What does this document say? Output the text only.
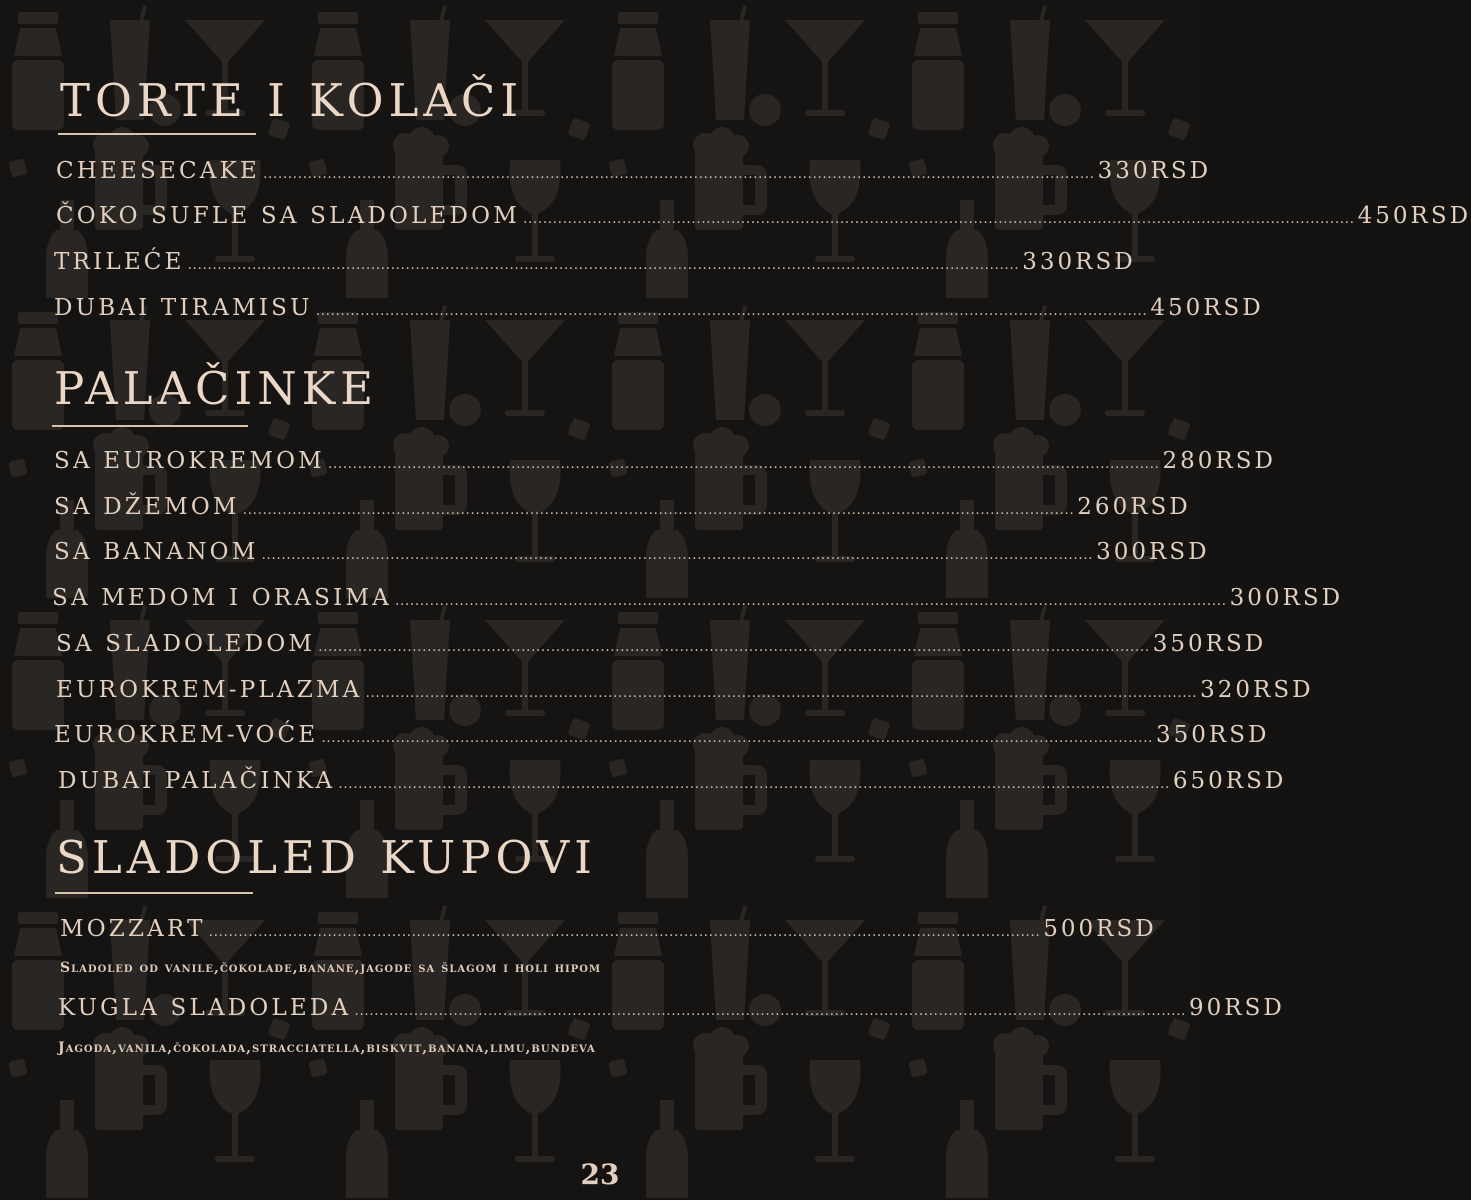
TORTE I KOLAČI
CHEESECAKE ........................................................................................................................................................................ 330RSD
ČOKO SUFLE SA SLADOLEDOM ........................................................................................................................................................................ 450RSD
TRILEĆE ........................................................................................................................................................................ 330RSD
DUBAI TIRAMISU ........................................................................................................................................................................ 450RSD
PALAČINKE
SA EUROKREMOM ........................................................................................................................................................................ 280RSD
SA DŽEMOM ........................................................................................................................................................................ 260RSD
SA BANANOM ........................................................................................................................................................................ 300RSD
SA MEDOM I ORASIMA ........................................................................................................................................................................ 300RSD
SA SLADOLEDOM ........................................................................................................................................................................ 350RSD
EUROKREM-PLAZMA ........................................................................................................................................................................ 320RSD
EUROKREM-VOĆE ........................................................................................................................................................................ 350RSD
DUBAI PALAČINKA ........................................................................................................................................................................ 650RSD
SLADOLED KUPOVI
MOZZART ........................................................................................................................................................................ 500RSD
Sladoled od vanile,čokolade,banane,jagode sa šlagom i holi hipom
KUGLA SLADOLEDA ........................................................................................................................................................................ 90RSD
Jagoda,vanila,čokolada,stracciatella,biskvit,banana,limu,bundeva
23
